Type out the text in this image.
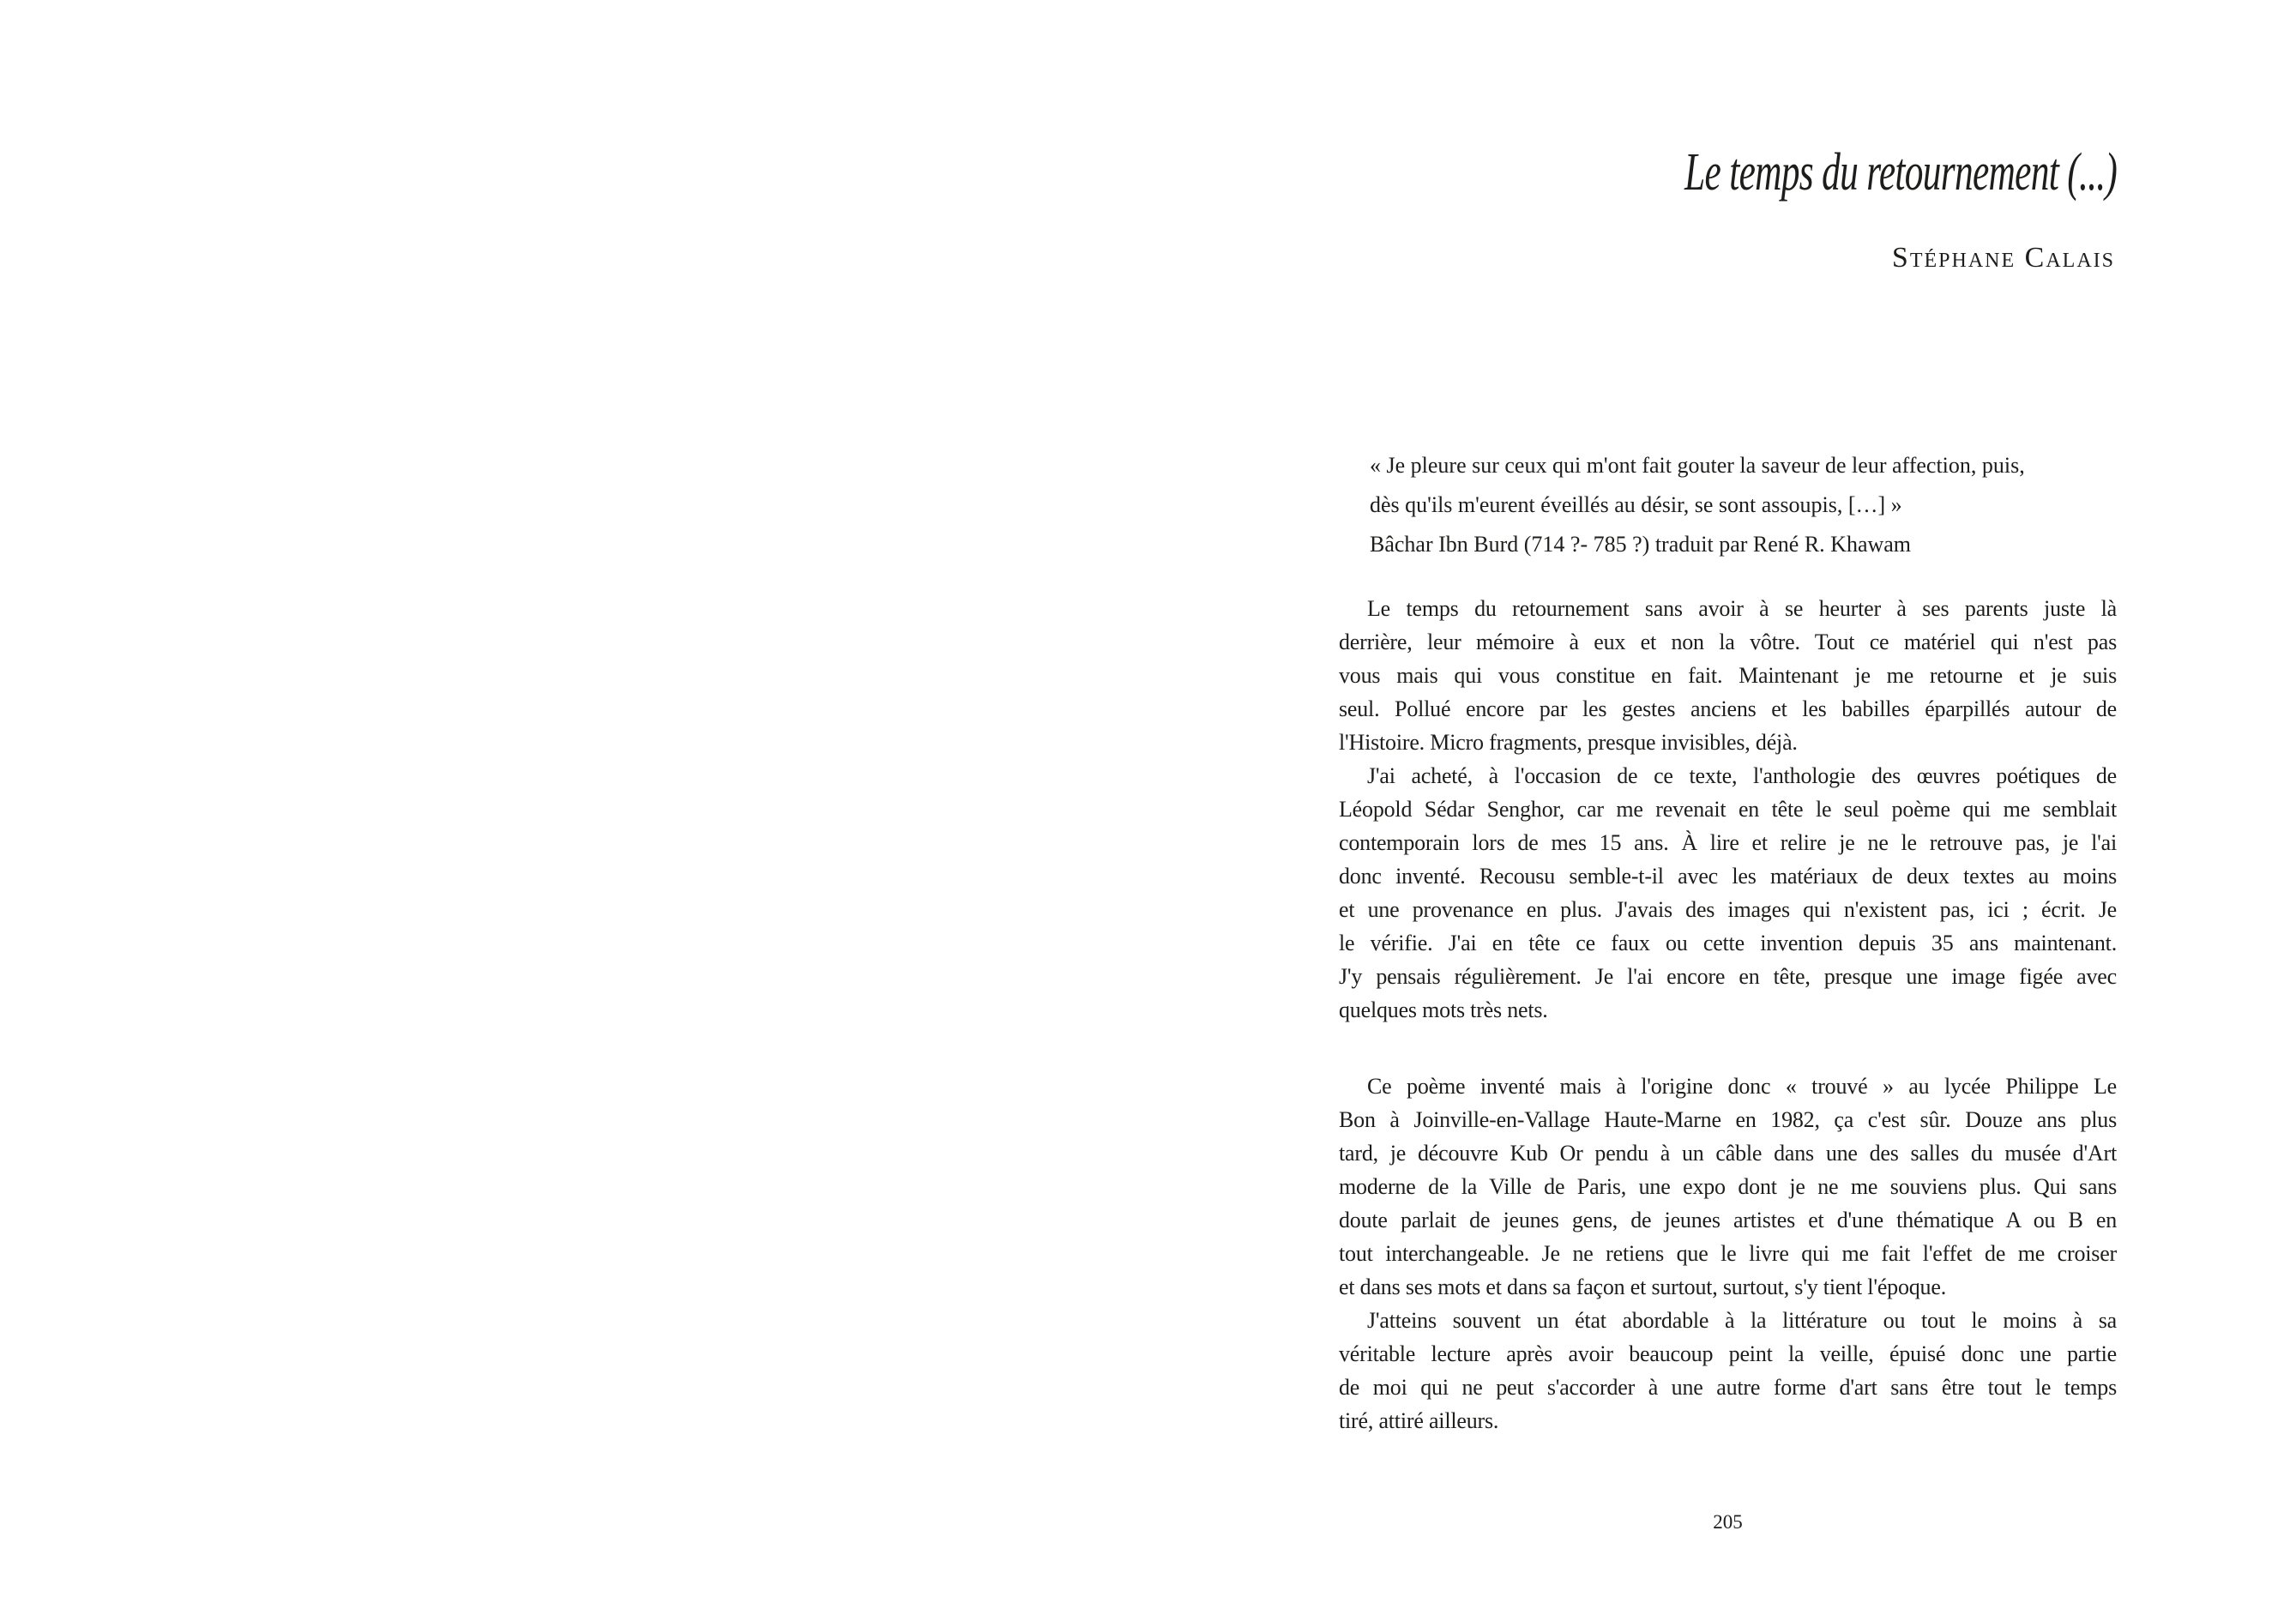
Le temps du retournement (...)
Stéphane Calais
« Je pleure sur ceux qui m'ont fait gouter la saveur de leur affection, puis,
dès qu'ils m'eurent éveillés au désir, se sont assoupis, […] »
Bâchar Ibn Burd (714 ?- 785 ?) traduit par René R. Khawam
Le temps du retournement sans avoir à se heurter à ses parents juste là
derrière, leur mémoire à eux et non la vôtre. Tout ce matériel qui n'est pas
vous mais qui vous constitue en fait. Maintenant je me retourne et je suis
seul. Pollué encore par les gestes anciens et les babilles éparpillés autour de
l'Histoire. Micro fragments, presque invisibles, déjà.
J'ai acheté, à l'occasion de ce texte, l'anthologie des œuvres poétiques de
Léopold Sédar Senghor, car me revenait en tête le seul poème qui me semblait
contemporain lors de mes 15 ans. À lire et relire je ne le retrouve pas, je l'ai
donc inventé. Recousu semble-t-il avec les matériaux de deux textes au moins
et une provenance en plus. J'avais des images qui n'existent pas, ici ; écrit. Je
le vérifie. J'ai en tête ce faux ou cette invention depuis 35 ans maintenant.
J'y pensais régulièrement. Je l'ai encore en tête, presque une image figée avec
quelques mots très nets.
Ce poème inventé mais à l'origine donc « trouvé » au lycée Philippe Le
Bon à Joinville-en-Vallage Haute-Marne en 1982, ça c'est sûr. Douze ans plus
tard, je découvre Kub Or pendu à un câble dans une des salles du musée d'Art
moderne de la Ville de Paris, une expo dont je ne me souviens plus. Qui sans
doute parlait de jeunes gens, de jeunes artistes et d'une thématique A ou B en
tout interchangeable. Je ne retiens que le livre qui me fait l'effet de me croiser
et dans ses mots et dans sa façon et surtout, surtout, s'y tient l'époque.
J'atteins souvent un état abordable à la littérature ou tout le moins à sa
véritable lecture après avoir beaucoup peint la veille, épuisé donc une partie
de moi qui ne peut s'accorder à une autre forme d'art sans être tout le temps
tiré, attiré ailleurs.
205
